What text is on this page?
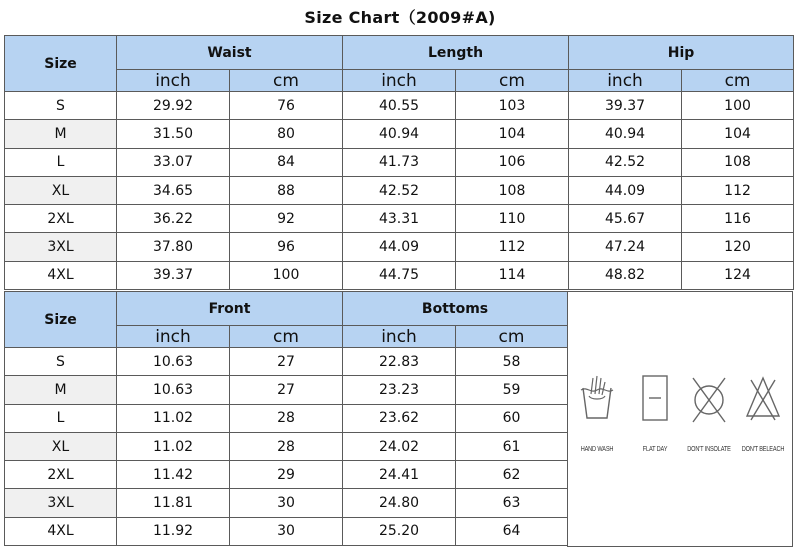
Size Chart（2009#A)
Size	Waist		Length		Hip	
	inch	cm	inch	cm	inch	cm
S	29.92	76	40.55	103	39.37	100
M	31.50	80	40.94	104	40.94	104
L	33.07	84	41.73	106	42.52	108
XL	34.65	88	42.52	108	44.09	112
2XL	36.22	92	43.31	110	45.67	116
3XL	37.80	96	44.09	112	47.24	120
4XL	39.37	100	44.75	114	48.82	124
Size	Front		Bottoms	
	inch	cm	inch	cm
S	10.63	27	22.83	58
M	10.63	27	23.23	59
L	11.02	28	23.62	60
XL	11.02	28	24.02	61
2XL	11.42	29	24.41	62
3XL	11.81	30	24.80	63
4XL	11.92	30	25.20	64
HAND WASH	FLAT DAY	DON'T INSOLATE DON'T BELEACH
